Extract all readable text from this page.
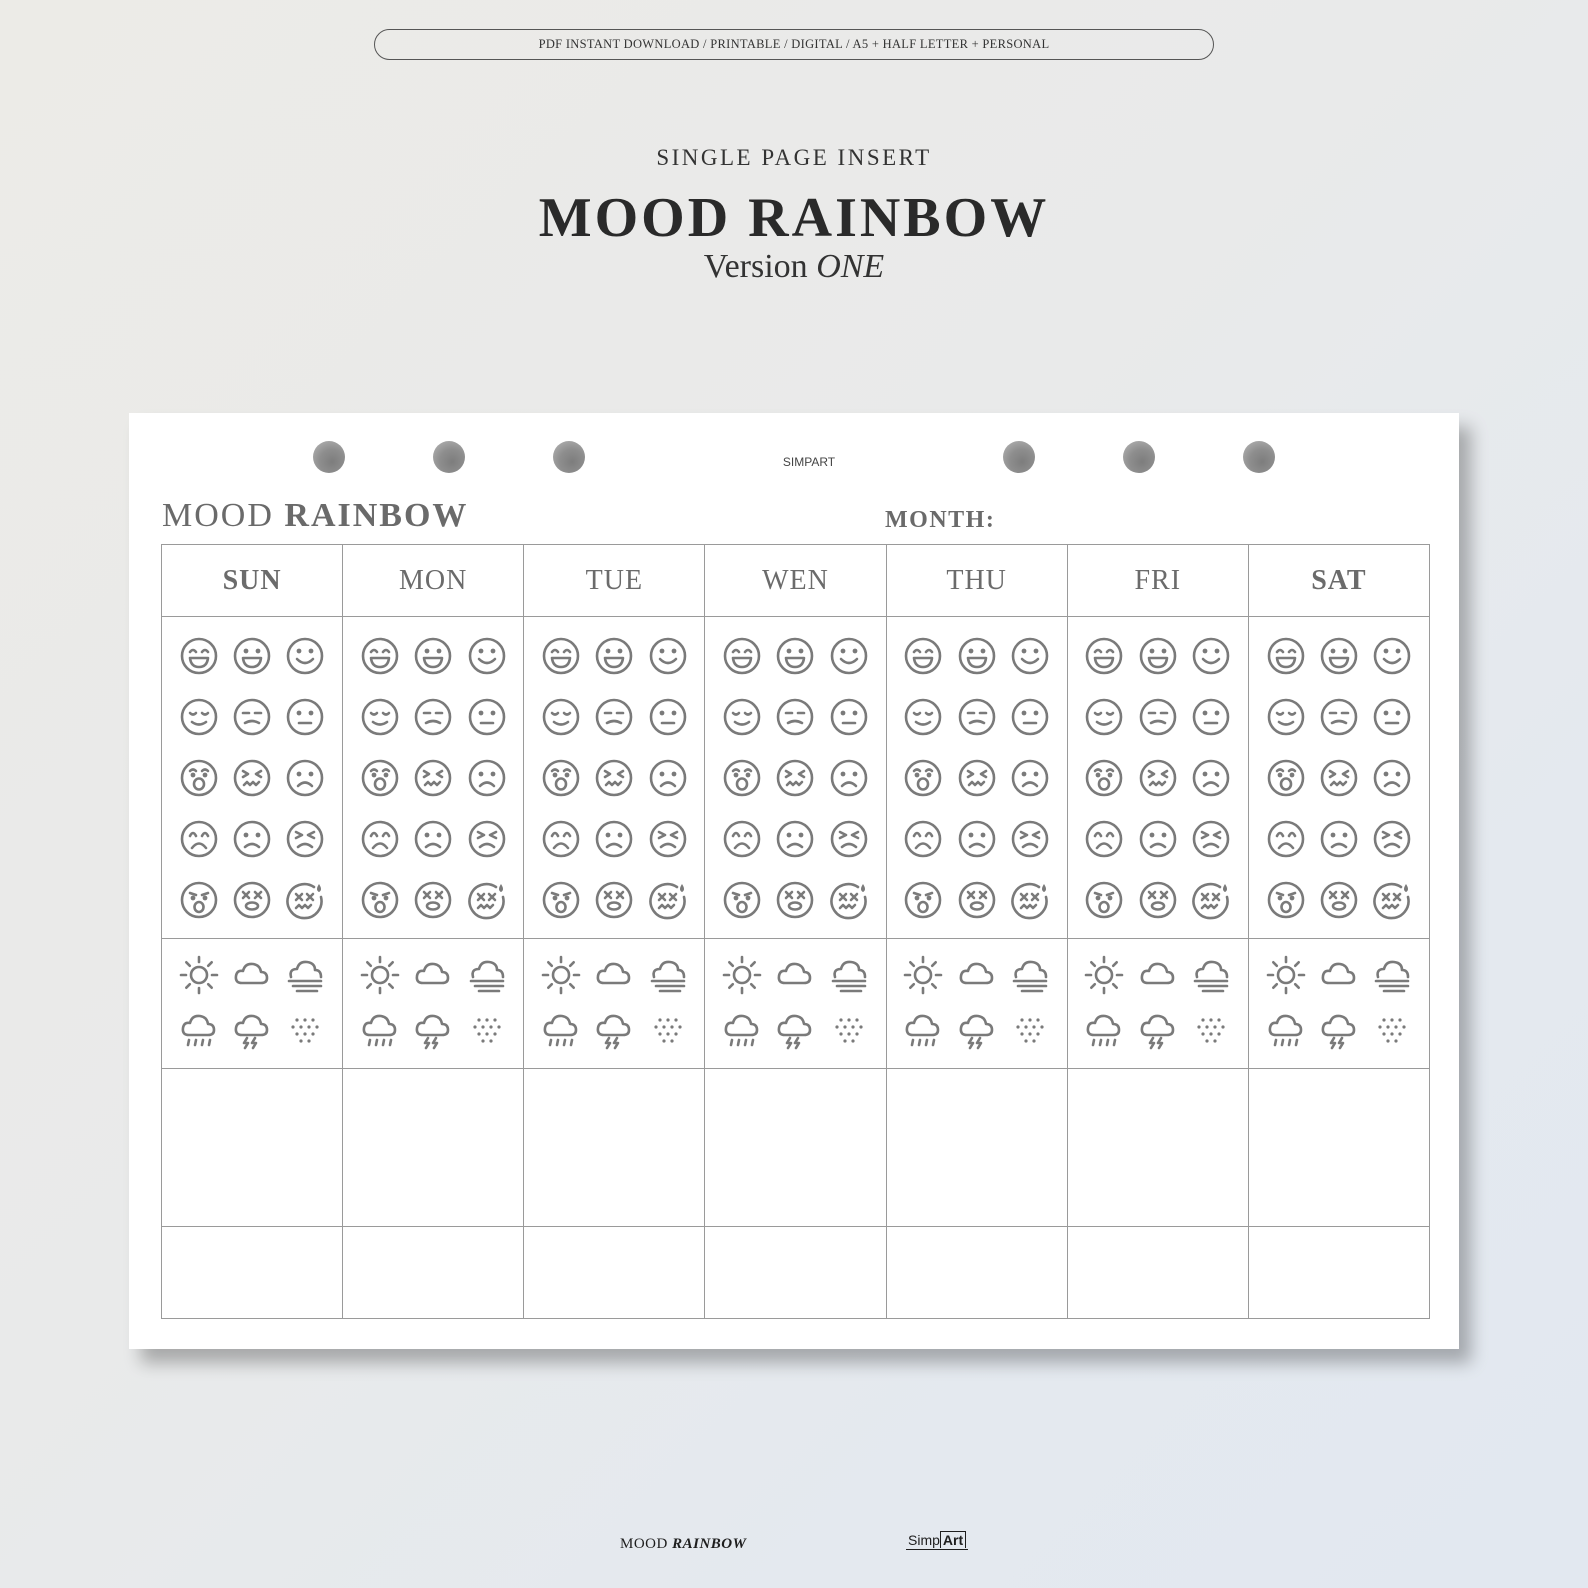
PDF INSTANT DOWNLOAD / PRINTABLE / DIGITAL / A5 + HALF LETTER + PERSONAL
SINGLE PAGE INSERT
MOOD RAINBOW
Version ONE
SIMPART
MOOD RAINBOW	MONTH:
SUN	MON	TUE	WEN	THU	FRI	SAT
MOOD RAINBOW	Simp Art
